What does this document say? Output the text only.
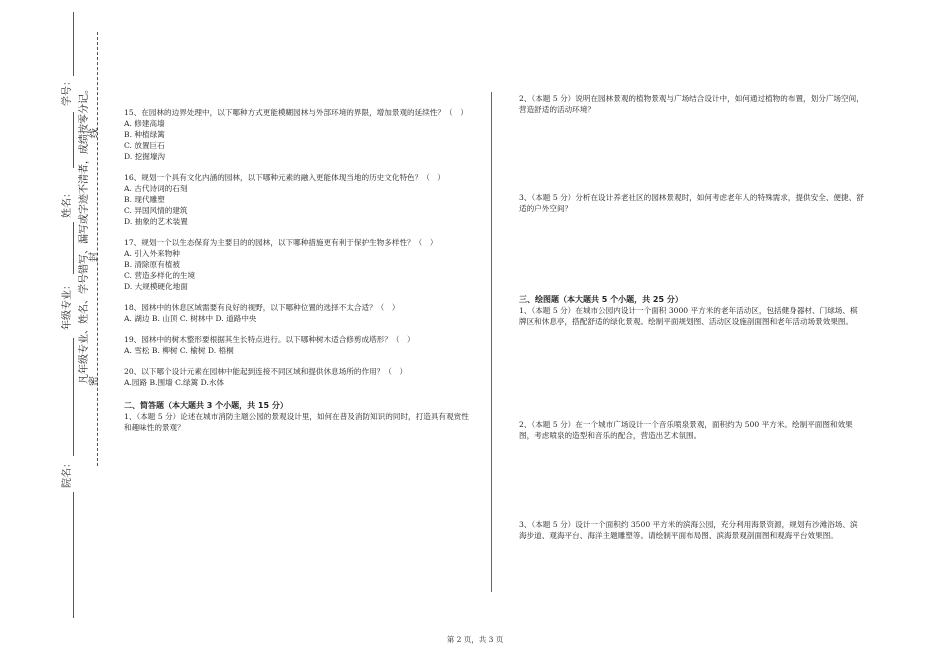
学号：
姓名：
年级专业：
院名：
凡年级专业、姓名、学号错写、漏写或字迹不清者，成绩按零分记。 线
封
密

15、在园林的边界处理中，以下哪种方式更能模糊园林与外部环境的界限，增加景观的延续性？（　）

A. 修建高墙

B. 种植绿篱

C. 放置巨石

D. 挖掘壕沟

16、规划一个具有文化内涵的园林，以下哪种元素的融入更能体现当地的历史文化特色？（　）

A. 古代诗词的石刻

B. 现代雕塑

C. 异国风情的建筑

D. 抽象的艺术装置

17、规划一个以生态保育为主要目的的园林，以下哪种措施更有利于保护生物多样性？（　）

A. 引入外来物种

B. 清除原有植被

C. 营造多样化的生境

D. 大规模硬化地面

18、园林中的休息区域需要有良好的视野，以下哪种位置的选择不太合适？（　）

A. 湖边 B. 山顶 C. 树林中 D. 道路中央

19、园林中的树木整形要根据其生长特点进行。以下哪种树木适合修剪成塔形？（　）

A. 雪松 B. 柳树 C. 榆树 D. 梧桐

20、以下哪个设计元素在园林中能起到连接不同区域和提供休息场所的作用？（　）

A.园路 B.围墙 C.绿篱 D.水体

二、简答题（本大题共 3 个小题，共 15 分）

1、（本题 5 分）论述在城市消防主题公园的景观设计里，如何在普及消防知识的同时，打造具有观赏性和趣味性的景观？

2、（本题 5 分）说明在园林景观的植物景观与广场结合设计中，如何通过植物的布置，划分广场空间，营造舒适的活动环境？

3、（本题 5 分）分析在设计养老社区的园林景观时，如何考虑老年人的特殊需求，提供安全、便捷、舒适的户外空间？

三、绘图题（本大题共 5 个小题，共 25 分）

1、（本题 5 分）在城市公园内设计一个面积 3000 平方米的老年活动区，包括健身器材、门球场、棋牌区和休息亭，搭配舒适的绿化景观。绘制平面规划图、活动区设施剖面图和老年活动场景效果图。

2、（本题 5 分）在一个城市广场设计一个音乐喷泉景观，面积约为 500 平方米。绘制平面图和效果图，考虑喷泉的造型和音乐的配合，营造出艺术氛围。

3、（本题 5 分）设计一个面积约 3500 平方米的滨海公园，充分利用海景资源，规划有沙滩浴场、滨海步道、观海平台、海洋主题雕塑等。请绘制平面布局图、滨海景观剖面图和观海平台效果图。

第 2 页，共 3 页
